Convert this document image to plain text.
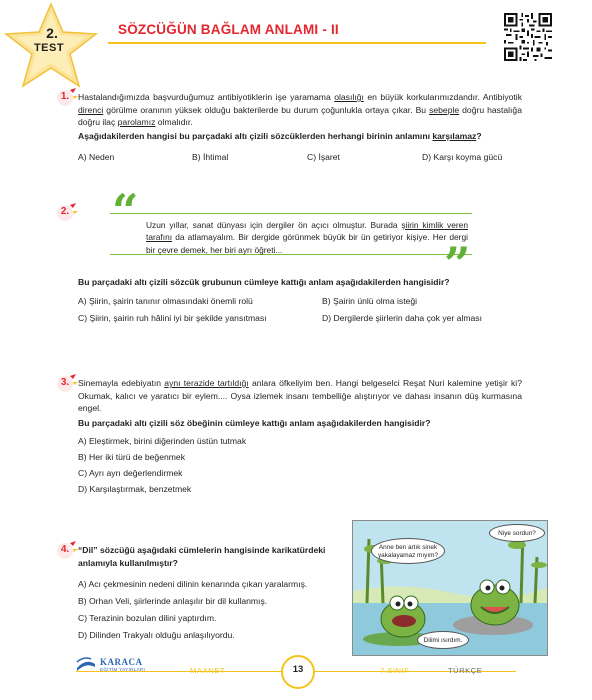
2.
TEST
SÖZCÜĞÜN BAĞLAM ANLAMI - II
1.	Hastalandığımızda başvurduğumuz antibiyotiklerin işe yaramama olasılığı en büyük korkularımızdandır. Antibiyotik direnci görülme oranının yüksek olduğu bakterilerde bu durum çoğunlukla ortaya çıkar. Bu sebeple doğru hastalığa doğru ilaç parolamız olmalıdır.
Aşağıdakilerden hangisi bu parçadaki altı çizili sözcüklerden herhangi birinin anlamını karşılamaz?
A) Neden	B) İhtimal	C) İşaret	D) Karşı koyma gücü
2. “
”
Uzun yıllar, sanat dünyası için dergiler ön açıcı olmuştur. Burada şiirin kimlik veren tarafını da atlamayalım. Bir dergide görünmek büyük bir ün getiriyor kişiye. Her dergi bir çevre demek, her biri ayrı öğreti...
Bu parçadaki altı çizili sözcük grubunun cümleye kattığı anlam aşağıdakilerden hangisidir?
A) Şiirin, şairin tanınır olmasındaki önemli rolü	B) Şairin ünlü olma isteği
C) Şiirin, şairin ruh hâlini iyi bir şekilde yansıtması	D) Dergilerde şiirlerin daha çok yer alması
3.	Sinemayla edebiyatın aynı terazide tartıldığı anlara öfkeliyim ben. Hangi belgeselci Reşat Nuri kalemine yetişir ki? Okumak, kalıcı ve yaratıcı bir eylem.... Oysa izlemek insanı tembelliğe alıştırıyor ve dahası insanın düş kurmasına engel.
Bu parçadaki altı çizili söz öbeğinin cümleye kattığı anlam aşağıdakilerden hangisidir?
A) Eleştirmek, birini diğerinden üstün tutmak
B) Her iki türü de beğenmek
C) Ayrı ayrı değerlendirmek
D) Karşılaştırmak, benzetmek
4.	“Dil” sözcüğü aşağıdaki cümlelerin hangisinde karikatürdeki anlamıyla kullanılmıştır?
A) Acı çekmesinin nedeni dilinin kenarında çıkan yaralarmış.
B) Orhan Veli, şiirlerinde anlaşılır bir dil kullanmış.
C) Terazinin bozulan dilini yaptırdım.
D) Dilinden Trakyalı olduğu anlaşılıyordu.
Niye sordun?
Anne ben artık sinek yakalayamaz mıyım?
Dilimi ısırdım.
KARACA
EĞİTİM YAYINLARI	MAXNET	13	7.SINIF	TÜRKÇE
